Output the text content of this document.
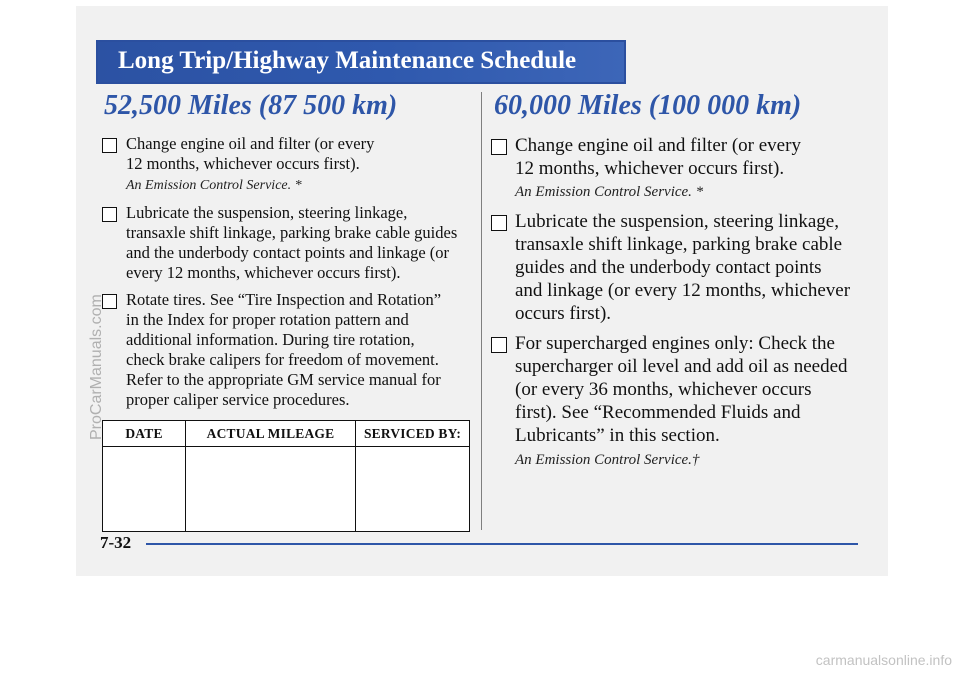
Long Trip/Highway Maintenance Schedule
52,500 Miles (87 500 km)	60,000 Miles (100 000 km)
Change engine oil and filter (or every
12 months, whichever occurs first).
An Emission Control Service. *
Lubricate the suspension, steering linkage,
transaxle shift linkage, parking brake cable guides
and the underbody contact points and linkage (or
every 12 months, whichever occurs first).
Rotate tires. See “Tire Inspection and Rotation”
in the Index for proper rotation pattern and
additional information. During tire rotation,
check brake calipers for freedom of movement.
Refer to the appropriate GM service manual for
proper caliper service procedures.
DATE	ACTUAL MILEAGE	SERVICED BY:
Change engine oil and filter (or every
12 months, whichever occurs first).
An Emission Control Service. *
Lubricate the suspension, steering linkage,
transaxle shift linkage, parking brake cable
guides and the underbody contact points
and linkage (or every 12 months, whichever
occurs first).
For supercharged engines only: Check the
supercharger oil level and add oil as needed
(or every 36 months, whichever occurs
first). See “Recommended Fluids and
Lubricants” in this section.
An Emission Control Service.†
7-32
ProCarManuals.com
carmanualsonline.info
